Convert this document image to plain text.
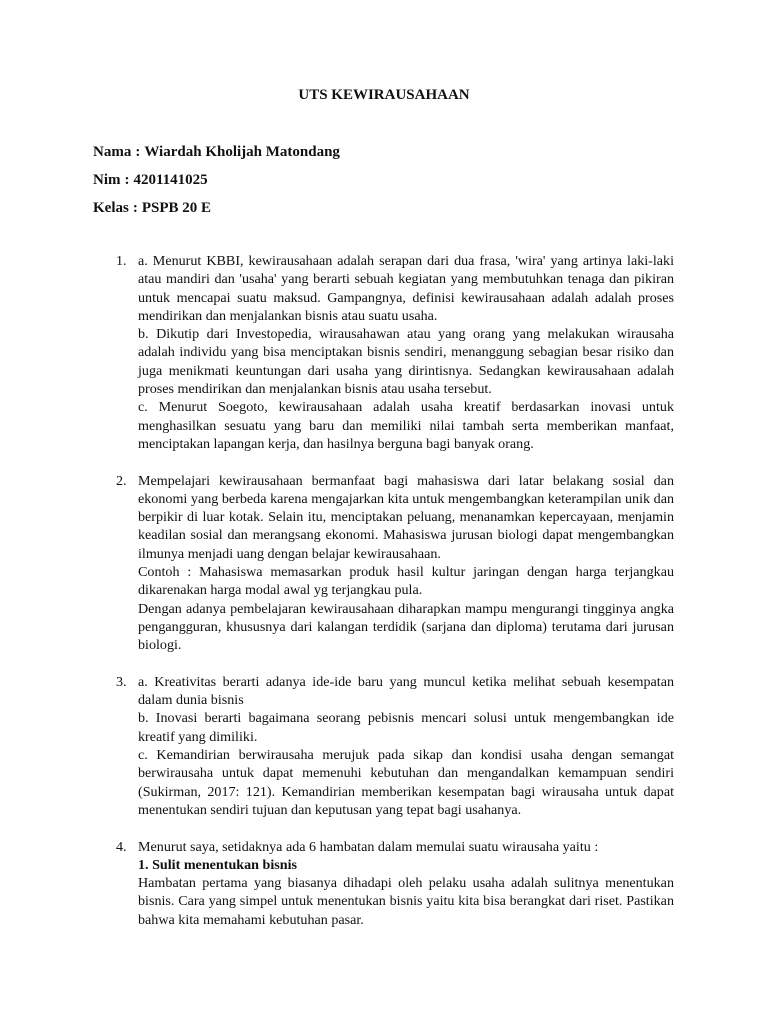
UTS KEWIRAUSAHAAN
Nama : Wiardah Kholijah Matondang
Nim : 4201141025
Kelas : PSPB 20 E
1. a. Menurut KBBI, kewirausahaan adalah serapan dari dua frasa, 'wira' yang artinya laki-laki atau mandiri dan 'usaha' yang berarti sebuah kegiatan yang membutuhkan tenaga dan pikiran untuk mencapai suatu maksud. Gampangnya, definisi kewirausahaan adalah adalah proses mendirikan dan menjalankan bisnis atau suatu usaha.

b. Dikutip dari Investopedia, wirausahawan atau yang orang yang melakukan wirausaha adalah individu yang bisa menciptakan bisnis sendiri, menanggung sebagian besar risiko dan juga menikmati keuntungan dari usaha yang dirintisnya. Sedangkan kewirausahaan adalah proses mendirikan dan menjalankan bisnis atau usaha tersebut.

c. Menurut Soegoto, kewirausahaan adalah usaha kreatif berdasarkan inovasi untuk menghasilkan sesuatu yang baru dan memiliki nilai tambah serta memberikan manfaat, menciptakan lapangan kerja, dan hasilnya berguna bagi banyak orang.

2. Mempelajari kewirausahaan bermanfaat bagi mahasiswa dari latar belakang sosial dan ekonomi yang berbeda karena mengajarkan kita untuk mengembangkan keterampilan unik dan berpikir di luar kotak. Selain itu, menciptakan peluang, menanamkan kepercayaan, menjamin keadilan sosial dan merangsang ekonomi. Mahasiswa jurusan biologi dapat mengembangkan ilmunya menjadi uang dengan belajar kewirausahaan.

Contoh : Mahasiswa memasarkan produk hasil kultur jaringan dengan harga terjangkau dikarenakan harga modal awal yg terjangkau pula.

Dengan adanya pembelajaran kewirausahaan diharapkan mampu mengurangi tingginya angka pengangguran, khususnya dari kalangan terdidik (sarjana dan diploma) terutama dari jurusan biologi.

3. a. Kreativitas berarti adanya ide-ide baru yang muncul ketika melihat sebuah kesempatan dalam dunia bisnis

b. Inovasi berarti bagaimana seorang pebisnis mencari solusi untuk mengembangkan ide kreatif yang dimiliki.

c. Kemandirian berwirausaha merujuk pada sikap dan kondisi usaha dengan semangat berwirausaha untuk dapat memenuhi kebutuhan dan mengandalkan kemampuan sendiri (Sukirman, 2017: 121). Kemandirian memberikan kesempatan bagi wirausaha untuk dapat menentukan sendiri tujuan dan keputusan yang tepat bagi usahanya.

4. Menurut saya, setidaknya ada 6 hambatan dalam memulai suatu wirausaha yaitu :

1. Sulit menentukan bisnis

Hambatan pertama yang biasanya dihadapi oleh pelaku usaha adalah sulitnya menentukan bisnis. Cara yang simpel untuk menentukan bisnis yaitu kita bisa berangkat dari riset. Pastikan bahwa kita memahami kebutuhan pasar.
